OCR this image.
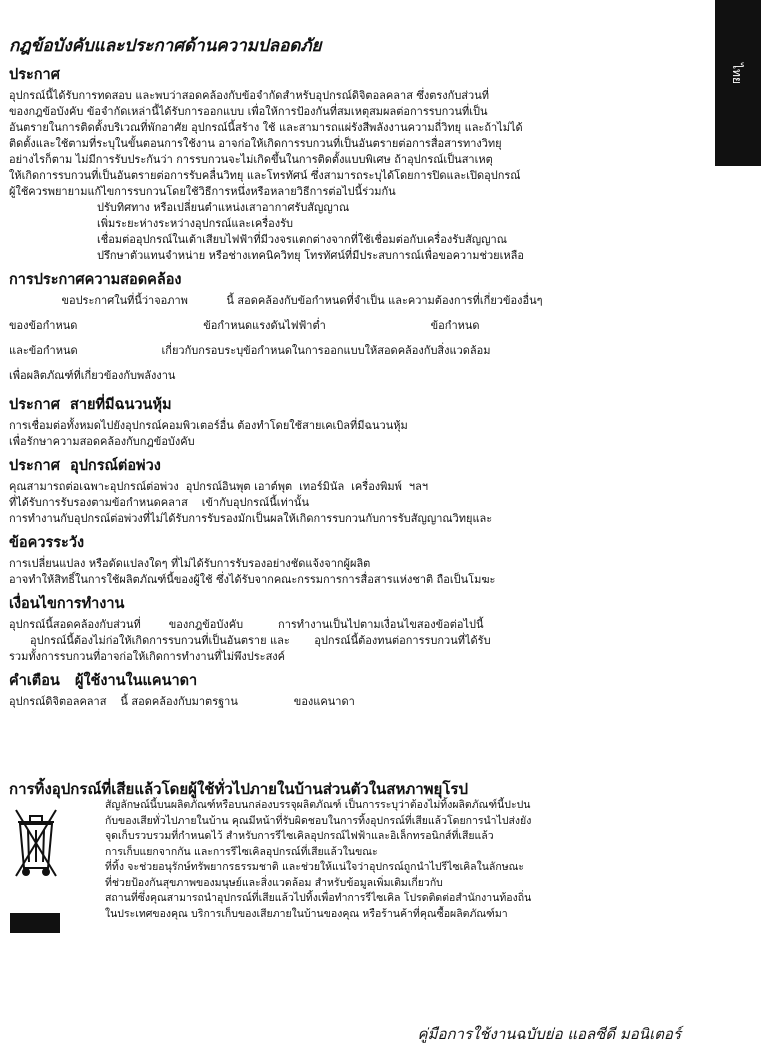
ไทย
กฎข้อบังคับและประกาศด้านความปลอดภัย
ประกาศ

อุปกรณ์นี้ได้รับการทดสอบ และพบว่าสอดคล้องกับข้อจำกัดสำหรับอุปกรณ์ดิจิตอลคลาส ซึ่งตรงกับส่วนที่

ของกฎข้อบังคับ ข้อจำกัดเหล่านี้ได้รับการออกแบบ เพื่อให้การป้องกันที่สมเหตุสมผลต่อการรบกวนที่เป็น

อันตรายในการติดตั้งบริเวณที่พักอาศัย อุปกรณ์นี้สร้าง ใช้ และสามารถแผ่รังสีพลังงานความถี่วิทยุ และถ้าไม่ได้

ติดตั้งและใช้ตามที่ระบุในขั้นตอนการใช้งาน อาจก่อให้เกิดการรบกวนที่เป็นอันตรายต่อการสื่อสารทางวิทยุ

อย่างไรก็ตาม ไม่มีการรับประกันว่า การรบกวนจะไม่เกิดขึ้นในการติดตั้งแบบพิเศษ ถ้าอุปกรณ์เป็นสาเหตุ

ให้เกิดการรบกวนที่เป็นอันตรายต่อการรับคลื่นวิทยุ และโทรทัศน์ ซึ่งสามารถระบุได้โดยการปิดและเปิดอุปกรณ์

ผู้ใช้ควรพยายามแก้ไขการรบกวนโดยใช้วิธีการหนึ่งหรือหลายวิธีการต่อไปนี้ร่วมกัน

ปรับทิศทาง หรือเปลี่ยนตำแหน่งเสาอากาศรับสัญญาณ

เพิ่มระยะห่างระหว่างอุปกรณ์และเครื่องรับ

เชื่อมต่ออุปกรณ์ในเต้าเสียบไฟฟ้าที่มีวงจรแตกต่างจากที่ใช้เชื่อมต่อกับเครื่องรับสัญญาณ

ปรึกษาตัวแทนจำหน่าย หรือช่างเทคนิควิทยุ โทรทัศน์ที่มีประสบการณ์เพื่อขอความช่วยเหลือ

การประกาศความสอดคล้อง

ขอประกาศในที่นี้ว่าจอภาพ           นี้ สอดคล้องกับข้อกำหนดที่จำเป็น และความต้องการที่เกี่ยวข้องอื่นๆ

ของข้อกำหนด                                    ข้อกำหนดแรงดันไฟฟ้าต่ำ                              ข้อกำหนด

และข้อกำหนด                        เกี่ยวกับกรอบระบุข้อกำหนดในการออกแบบให้สอดคล้องกับสิ่งแวดล้อม

เพื่อผลิตภัณฑ์ที่เกี่ยวข้องกับพลังงาน

ประกาศ  สายที่มีฉนวนหุ้ม

การเชื่อมต่อทั้งหมดไปยังอุปกรณ์คอมพิวเตอร์อื่น ต้องทำโดยใช้สายเคเบิลที่มีฉนวนหุ้ม

เพื่อรักษาความสอดคล้องกับกฎข้อบังคับ

ประกาศ  อุปกรณ์ต่อพ่วง

คุณสามารถต่อเฉพาะอุปกรณ์ต่อพ่วง  อุปกรณ์อินพุต เอาต์พุต  เทอร์มินัล  เครื่องพิมพ์  ฯลฯ

ที่ได้รับการรับรองตามข้อกำหนดคลาส    เข้ากับอุปกรณ์นี้เท่านั้น

การทำงานกับอุปกรณ์ต่อพ่วงที่ไม่ได้รับการรับรองมักเป็นผลให้เกิดการรบกวนกับการรับสัญญาณวิทยุและ

ข้อควรระวัง

การเปลี่ยนแปลง หรือดัดแปลงใดๆ ที่ไม่ได้รับการรับรองอย่างชัดแจ้งจากผู้ผลิต

อาจทำให้สิทธิ์ในการใช้ผลิตภัณฑ์นี้ของผู้ใช้ ซึ่งได้รับจากคณะกรรมการการสื่อสารแห่งชาติ ถือเป็นโมฆะ

เงื่อนไขการทำงาน

อุปกรณ์นี้สอดคล้องกับส่วนที่        ของกฎข้อบังคับ          การทำงานเป็นไปตามเงื่อนไขสองข้อต่อไปนี้

อุปกรณ์นี้ต้องไม่ก่อให้เกิดการรบกวนที่เป็นอันตราย และ       อุปกรณ์นี้ต้องทนต่อการรบกวนที่ได้รับ

รวมทั้งการรบกวนที่อาจก่อให้เกิดการทำงานที่ไม่พึงประสงค์

คำเตือน   ผู้ใช้งานในแคนาดา

อุปกรณ์ดิจิตอลคลาส    นี้ สอดคล้องกับมาตรฐาน                ของแคนาดา

การทิ้งอุปกรณ์ที่เสียแล้วโดยผู้ใช้ทั่วไปภายในบ้านส่วนตัวในสหภาพยุโรป

สัญลักษณ์นี้บนผลิตภัณฑ์หรือบนกล่องบรรจุผลิตภัณฑ์ เป็นการระบุว่าต้องไม่ทิ้งผลิตภัณฑ์นี้ปะปน

กับของเสียทั่วไปภายในบ้าน คุณมีหน้าที่รับผิดชอบในการทิ้งอุปกรณ์ที่เสียแล้วโดยการนำไปส่งยัง

จุดเก็บรวบรวมที่กำหนดไว้ สำหรับการรีไซเคิลอุปกรณ์ไฟฟ้าและอิเล็กทรอนิกส์ที่เสียแล้ว

การเก็บแยกจากกัน และการรีไซเคิลอุปกรณ์ที่เสียแล้วในขณะ

ที่ทิ้ง จะช่วยอนุรักษ์ทรัพยากรธรรมชาติ และช่วยให้แน่ใจว่าอุปกรณ์ถูกนำไปรีไซเคิลในลักษณะ

ที่ช่วยป้องกันสุขภาพของมนุษย์และสิ่งแวดล้อม สำหรับข้อมูลเพิ่มเติมเกี่ยวกับ

สถานที่ซึ่งคุณสามารถนำอุปกรณ์ที่เสียแล้วไปทิ้งเพื่อทำการรีไซเคิล โปรดติดต่อสำนักงานท้องถิ่น

ในประเทศของคุณ บริการเก็บของเสียภายในบ้านของคุณ หรือร้านค้าที่คุณซื้อผลิตภัณฑ์มา

คู่มือการใช้งานฉบับย่อ แอลซีดี มอนิเตอร์
